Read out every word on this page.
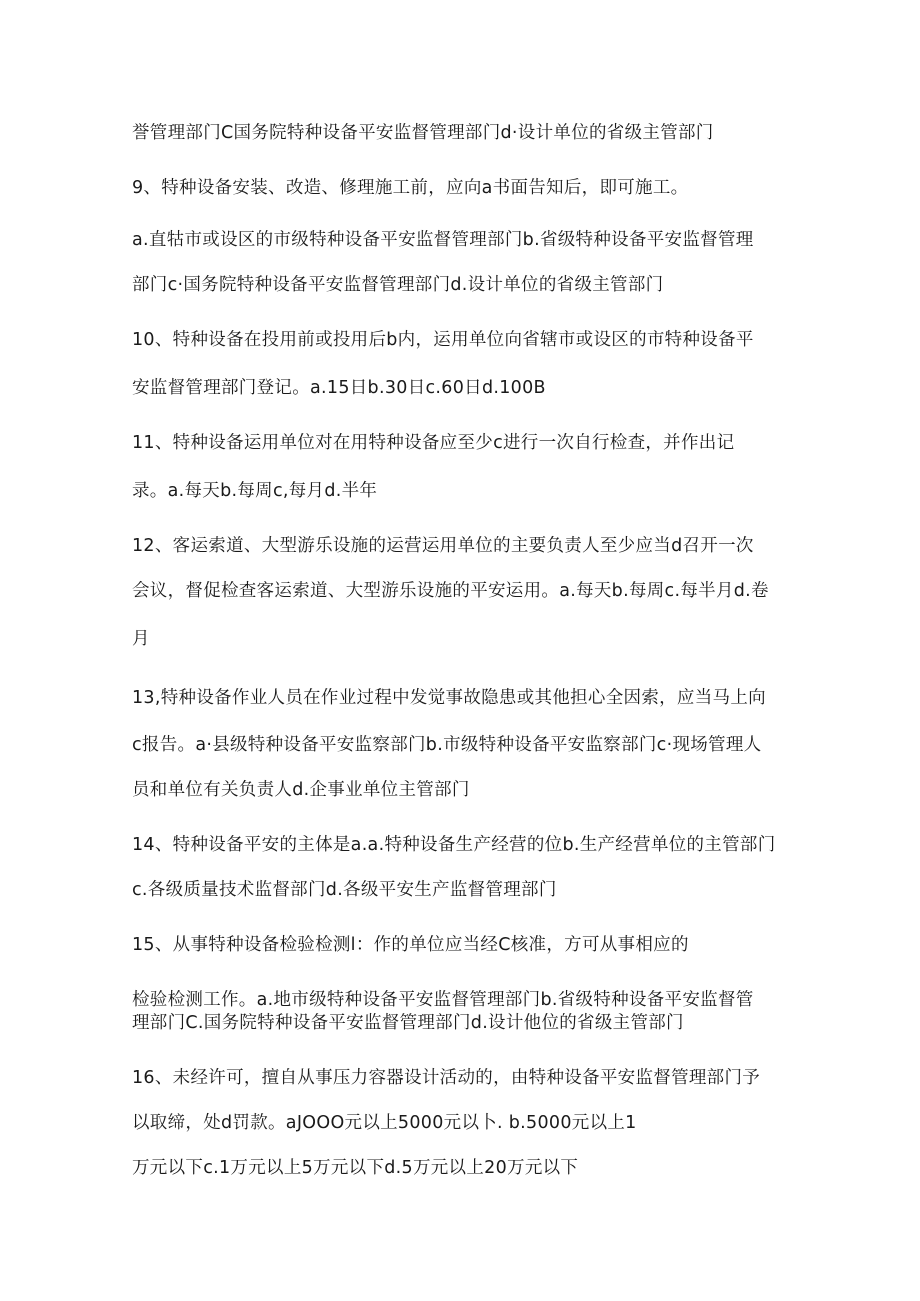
誉管理部门C国务院特种设备平安监督管理部门d·设计单位的省级主管部门
9、特种设备安装、改造、修理施工前，应向a书面告知后，即可施工。
a.直牯市或设区的市级特种设备平安监督管理部门b.省级特种设备平安监督管理
部门c·国务院特种设备平安监督管理部门d.设计单位的省级主管部门
10、特种设备在投用前或投用后b内，运用单位向省辖市或设区的市特种设备平
安监督管理部门登记。a.15日b.30日c.60日d.100B
11、特种设备运用单位对在用特种设备应至少c进行一次自行检查，并作出记
录。a.每天b.每周c,每月d.半年
12、客运索道、大型游乐设施的运营运用单位的主要负责人至少应当d召开一次
会议，督促检查客运索道、大型游乐设施的平安运用。a.每天b.每周c.每半月d.卷
月
13,特种设备作业人员在作业过程中发觉事故隐患或其他担心全因索，应当马上向
c报告。a·县级特种设备平安监察部门b.市级特种设备平安监察部门c·现场管理人
员和单位有关负责人d.企事业单位主管部门
14、特种设备平安的主体是a.a.特种设备生产经营的位b.生产经营单位的主管部门
c.各级质量技术监督部门d.各级平安生产监督管理部门
15、从事特种设备检验检测l：作的单位应当经C核准，方可从事相应的
检验检测工作。a.地市级特种设备平安监督管理部门b.省级特种设备平安监督管
理部门C.国务院特种设备平安监督管理部门d.设计他位的省级主管部门
16、未经许可，擅自从事压力容器设计活动的，由特种设备平安监督管理部门予
以取缔，处d罚款。aJOOO元以上5000元以卜. b.5000元以上1
万元以下c.1万元以上5万元以下d.5万元以上20万元以下
